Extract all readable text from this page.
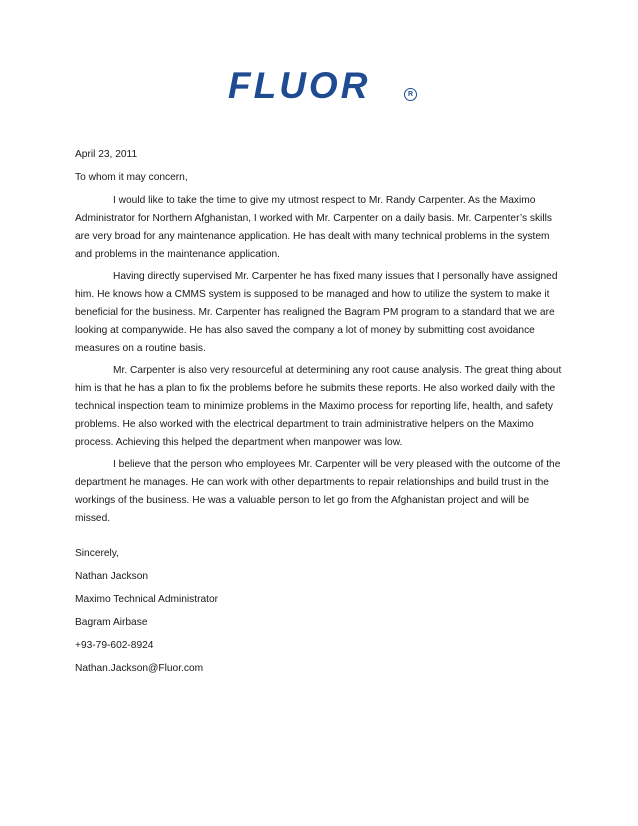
FLUOR	R
April 23, 2011
To whom it may concern,

I would like to take the time to give my utmost respect to Mr. Randy Carpenter. As the Maximo Administrator for Northern Afghanistan, I worked with Mr. Carpenter on a daily basis. Mr. Carpenter’s skills are very broad for any maintenance application. He has dealt with many technical problems in the system and problems in the maintenance application.

Having directly supervised Mr. Carpenter he has fixed many issues that I personally have assigned him. He knows how a CMMS system is supposed to be managed and how to utilize the system to make it beneficial for the business. Mr. Carpenter has realigned the Bagram PM program to a standard that we are looking at companywide. He has also saved the company a lot of money by submitting cost avoidance measures on a routine basis.

Mr. Carpenter is also very resourceful at determining any root cause analysis. The great thing about him is that he has a plan to fix the problems before he submits these reports. He also worked daily with the technical inspection team to minimize problems in the Maximo process for reporting life, health, and safety problems. He also worked with the electrical department to train administrative helpers on the Maximo process. Achieving this helped the department when manpower was low.

I believe that the person who employees Mr. Carpenter will be very pleased with the outcome of the department he manages. He can work with other departments to repair relationships and build trust in the workings of the business. He was a valuable person to let go from the Afghanistan project and will be missed.

Sincerely,
Nathan Jackson
Maximo Technical Administrator
Bagram Airbase
+93-79-602-8924
Nathan.Jackson@Fluor.com
